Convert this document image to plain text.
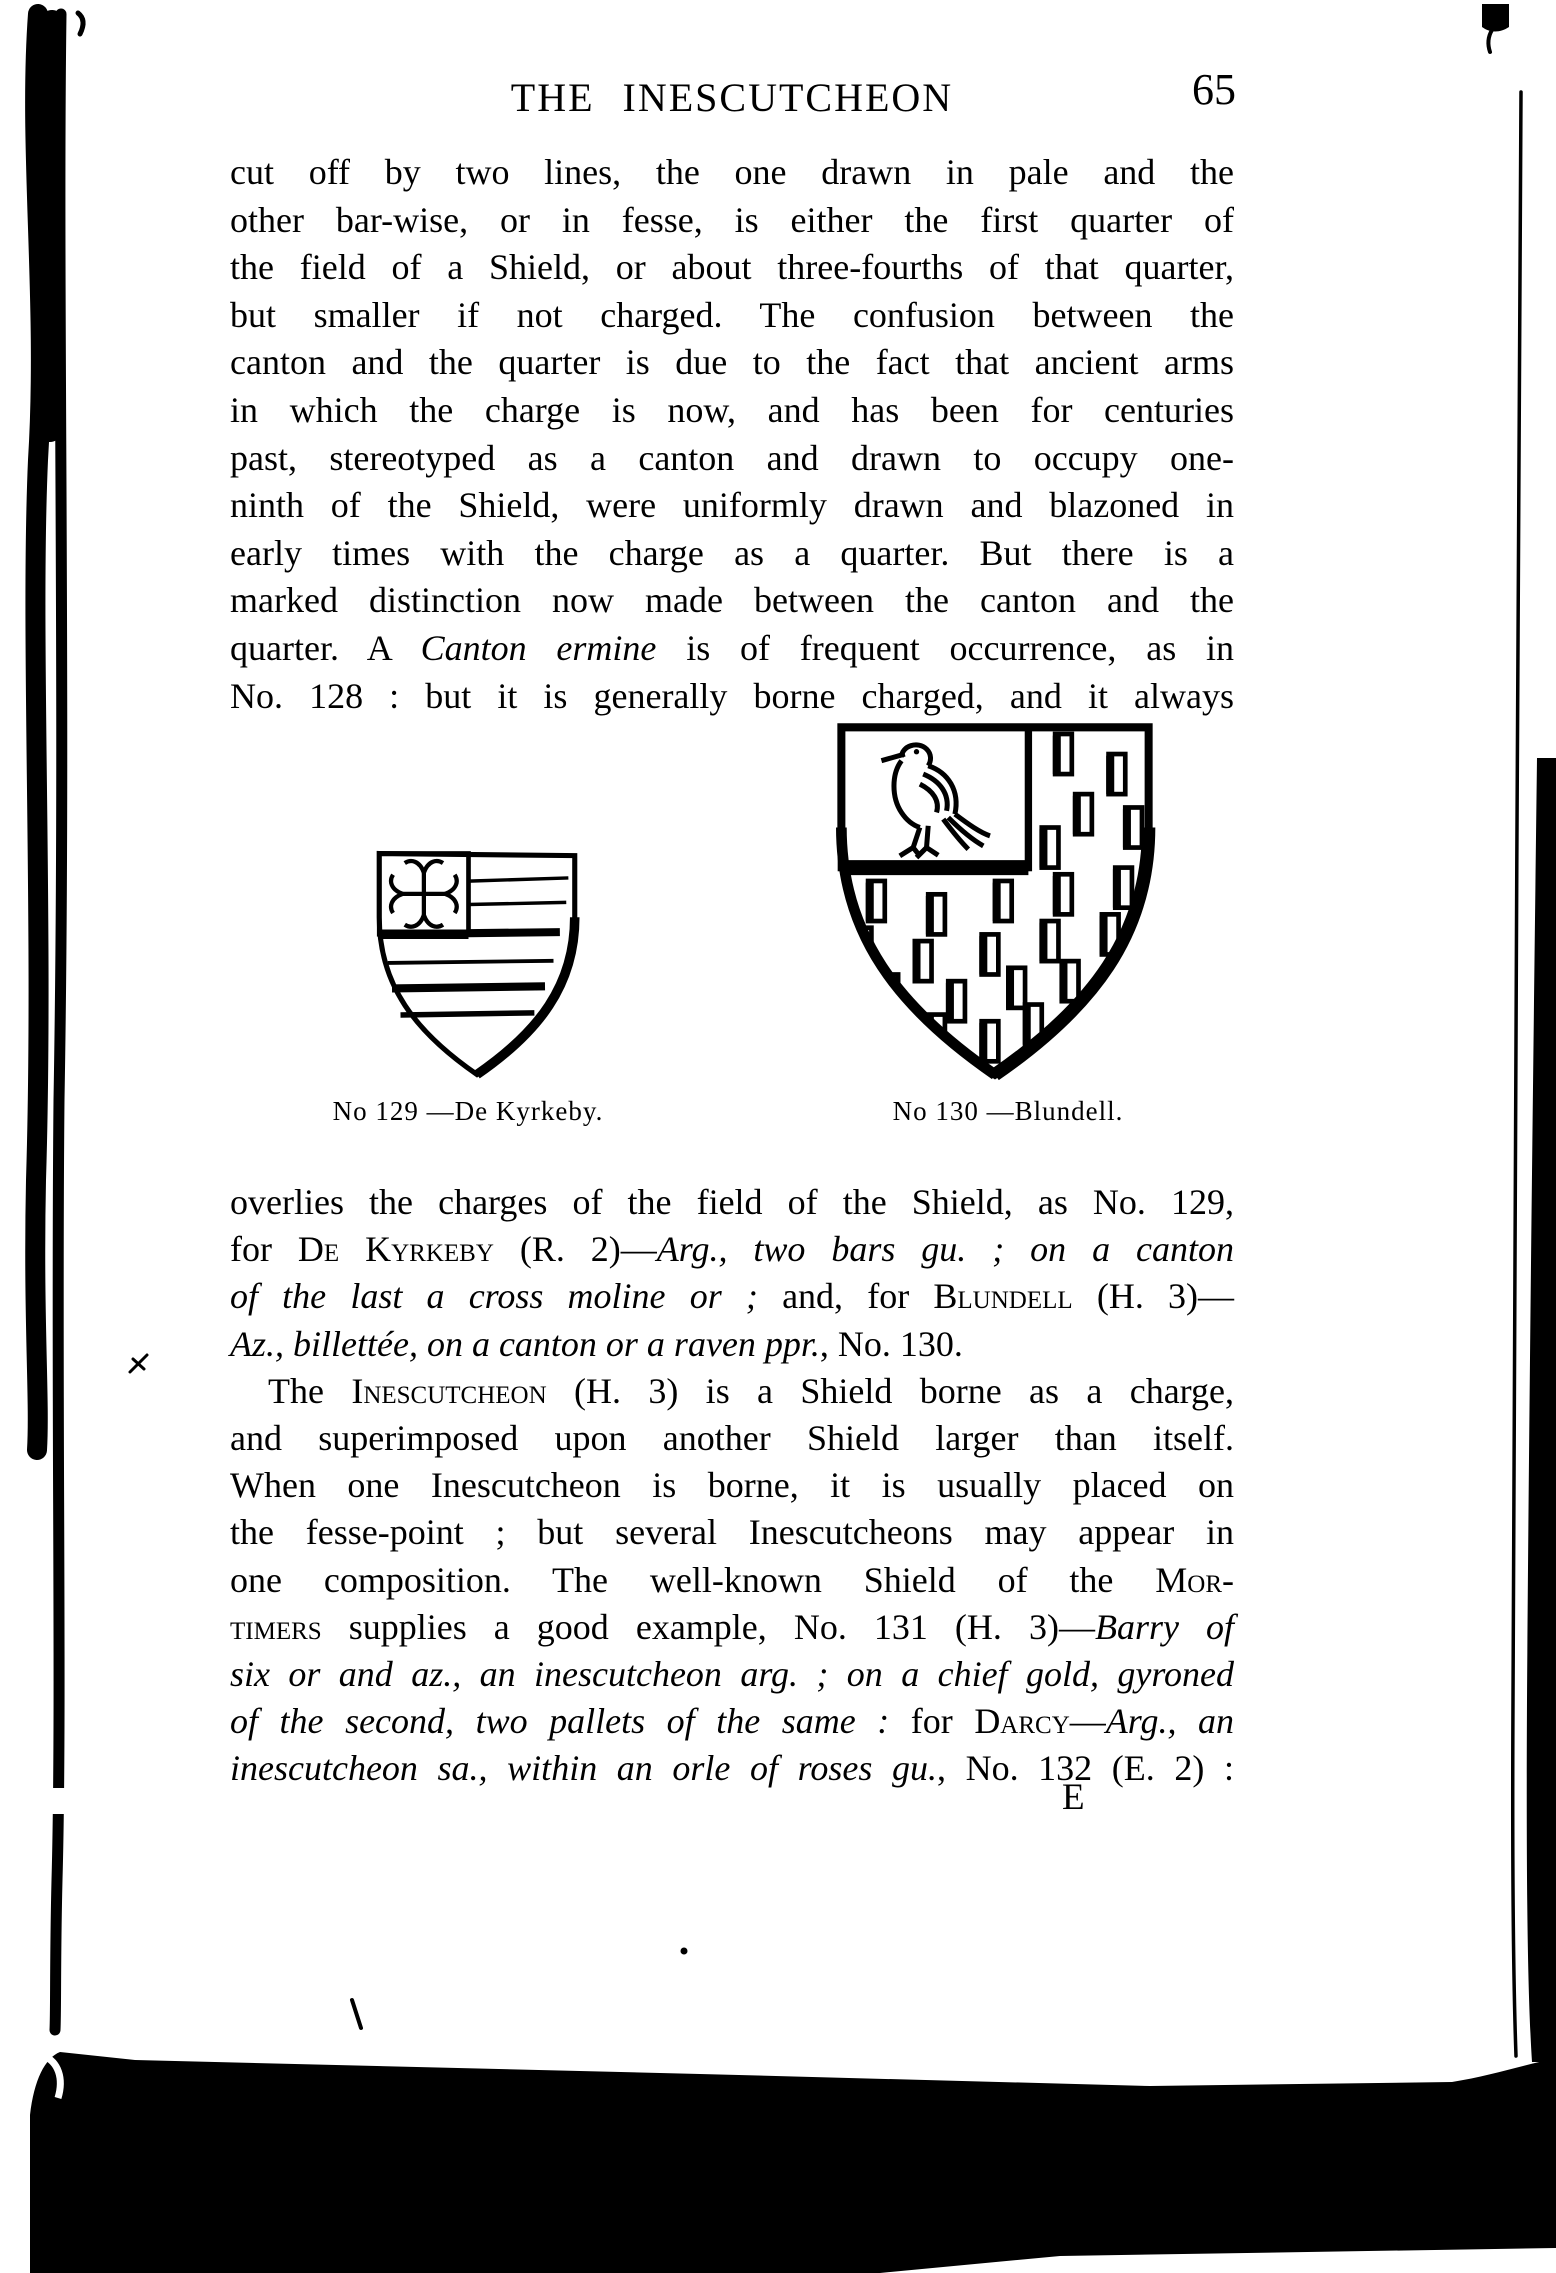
THE INESCUTCHEON	65
cut off by two lines, the one drawn in pale and the
other bar-wise, or in fesse, is either the first quarter of
the field of a Shield, or about three-fourths of that quarter,
but smaller if not charged. The confusion between the
canton and the quarter is due to the fact that ancient arms
in which the charge is now, and has been for centuries
past, stereotyped as a canton and drawn to occupy one-
ninth of the Shield, were uniformly drawn and blazoned in
early times with the charge as a quarter. But there is a
marked distinction now made between the canton and the
quarter. A Canton ermine is of frequent occurrence, as in
No. 128 : but it is generally borne charged, and it always
overlies the charges of the field of the Shield, as No. 129,
for De Kyrkeby (R. 2)—Arg., two bars gu. ; on a canton
of the last a cross moline or ; and, for Blundell (H. 3)—
Az., billettée, on a canton or a raven ppr., No. 130.
The Inescutcheon (H. 3) is a Shield borne as a charge,
and superimposed upon another Shield larger than itself.
When one Inescutcheon is borne, it is usually placed on
the fesse-point ; but several Inescutcheons may appear in
one composition. The well-known Shield of the Mor-
timers supplies a good example, No. 131 (H. 3)—Barry of
six or and az., an inescutcheon arg. ; on a chief gold, gyroned
of the second, two pallets of the same : for Darcy—Arg., an
inescutcheon sa., within an orle of roses gu., No. 132 (E. 2) :
No 129 —De Kyrkeby.	No 130 —Blundell.
E
